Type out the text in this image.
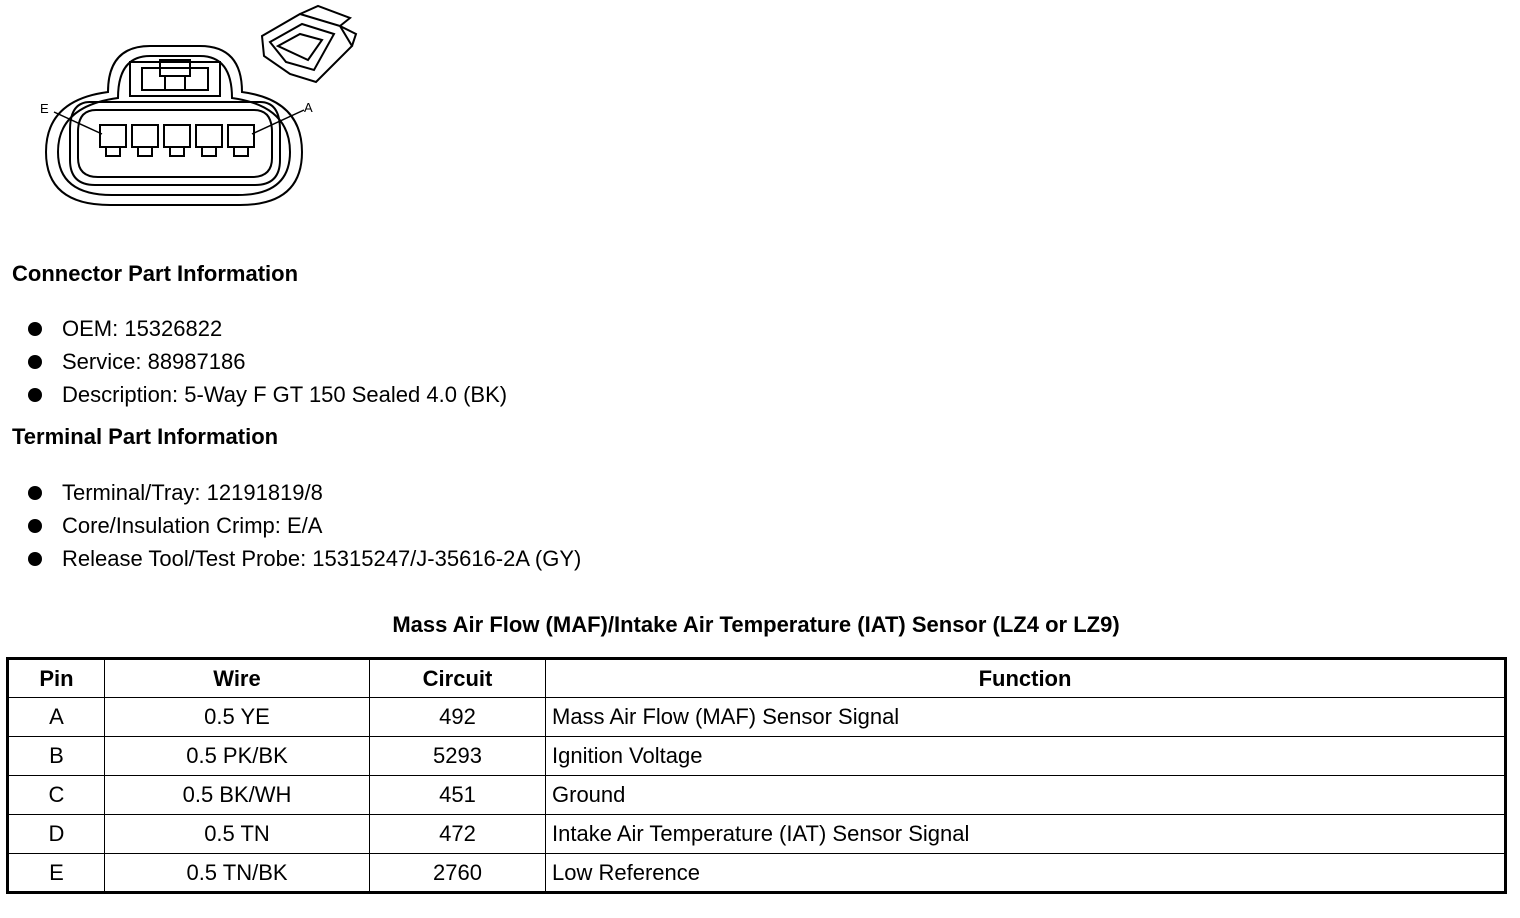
E	A
Connector Part Information
OEM: 15326822
Service: 88987186
Description: 5-Way F GT 150 Sealed 4.0 (BK)
Terminal Part Information
Terminal/Tray: 12191819/8
Core/Insulation Crimp: E/A
Release Tool/Test Probe: 15315247/J-35616-2A (GY)
Mass Air Flow (MAF)/Intake Air Temperature (IAT) Sensor (LZ4 or LZ9)
Pin	Wire	Circuit	Function
A	0.5 YE	492	Mass Air Flow (MAF) Sensor Signal
B	0.5 PK/BK	5293	Ignition Voltage
C	0.5 BK/WH	451	Ground
D	0.5 TN	472	Intake Air Temperature (IAT) Sensor Signal
E	0.5 TN/BK	2760	Low Reference
